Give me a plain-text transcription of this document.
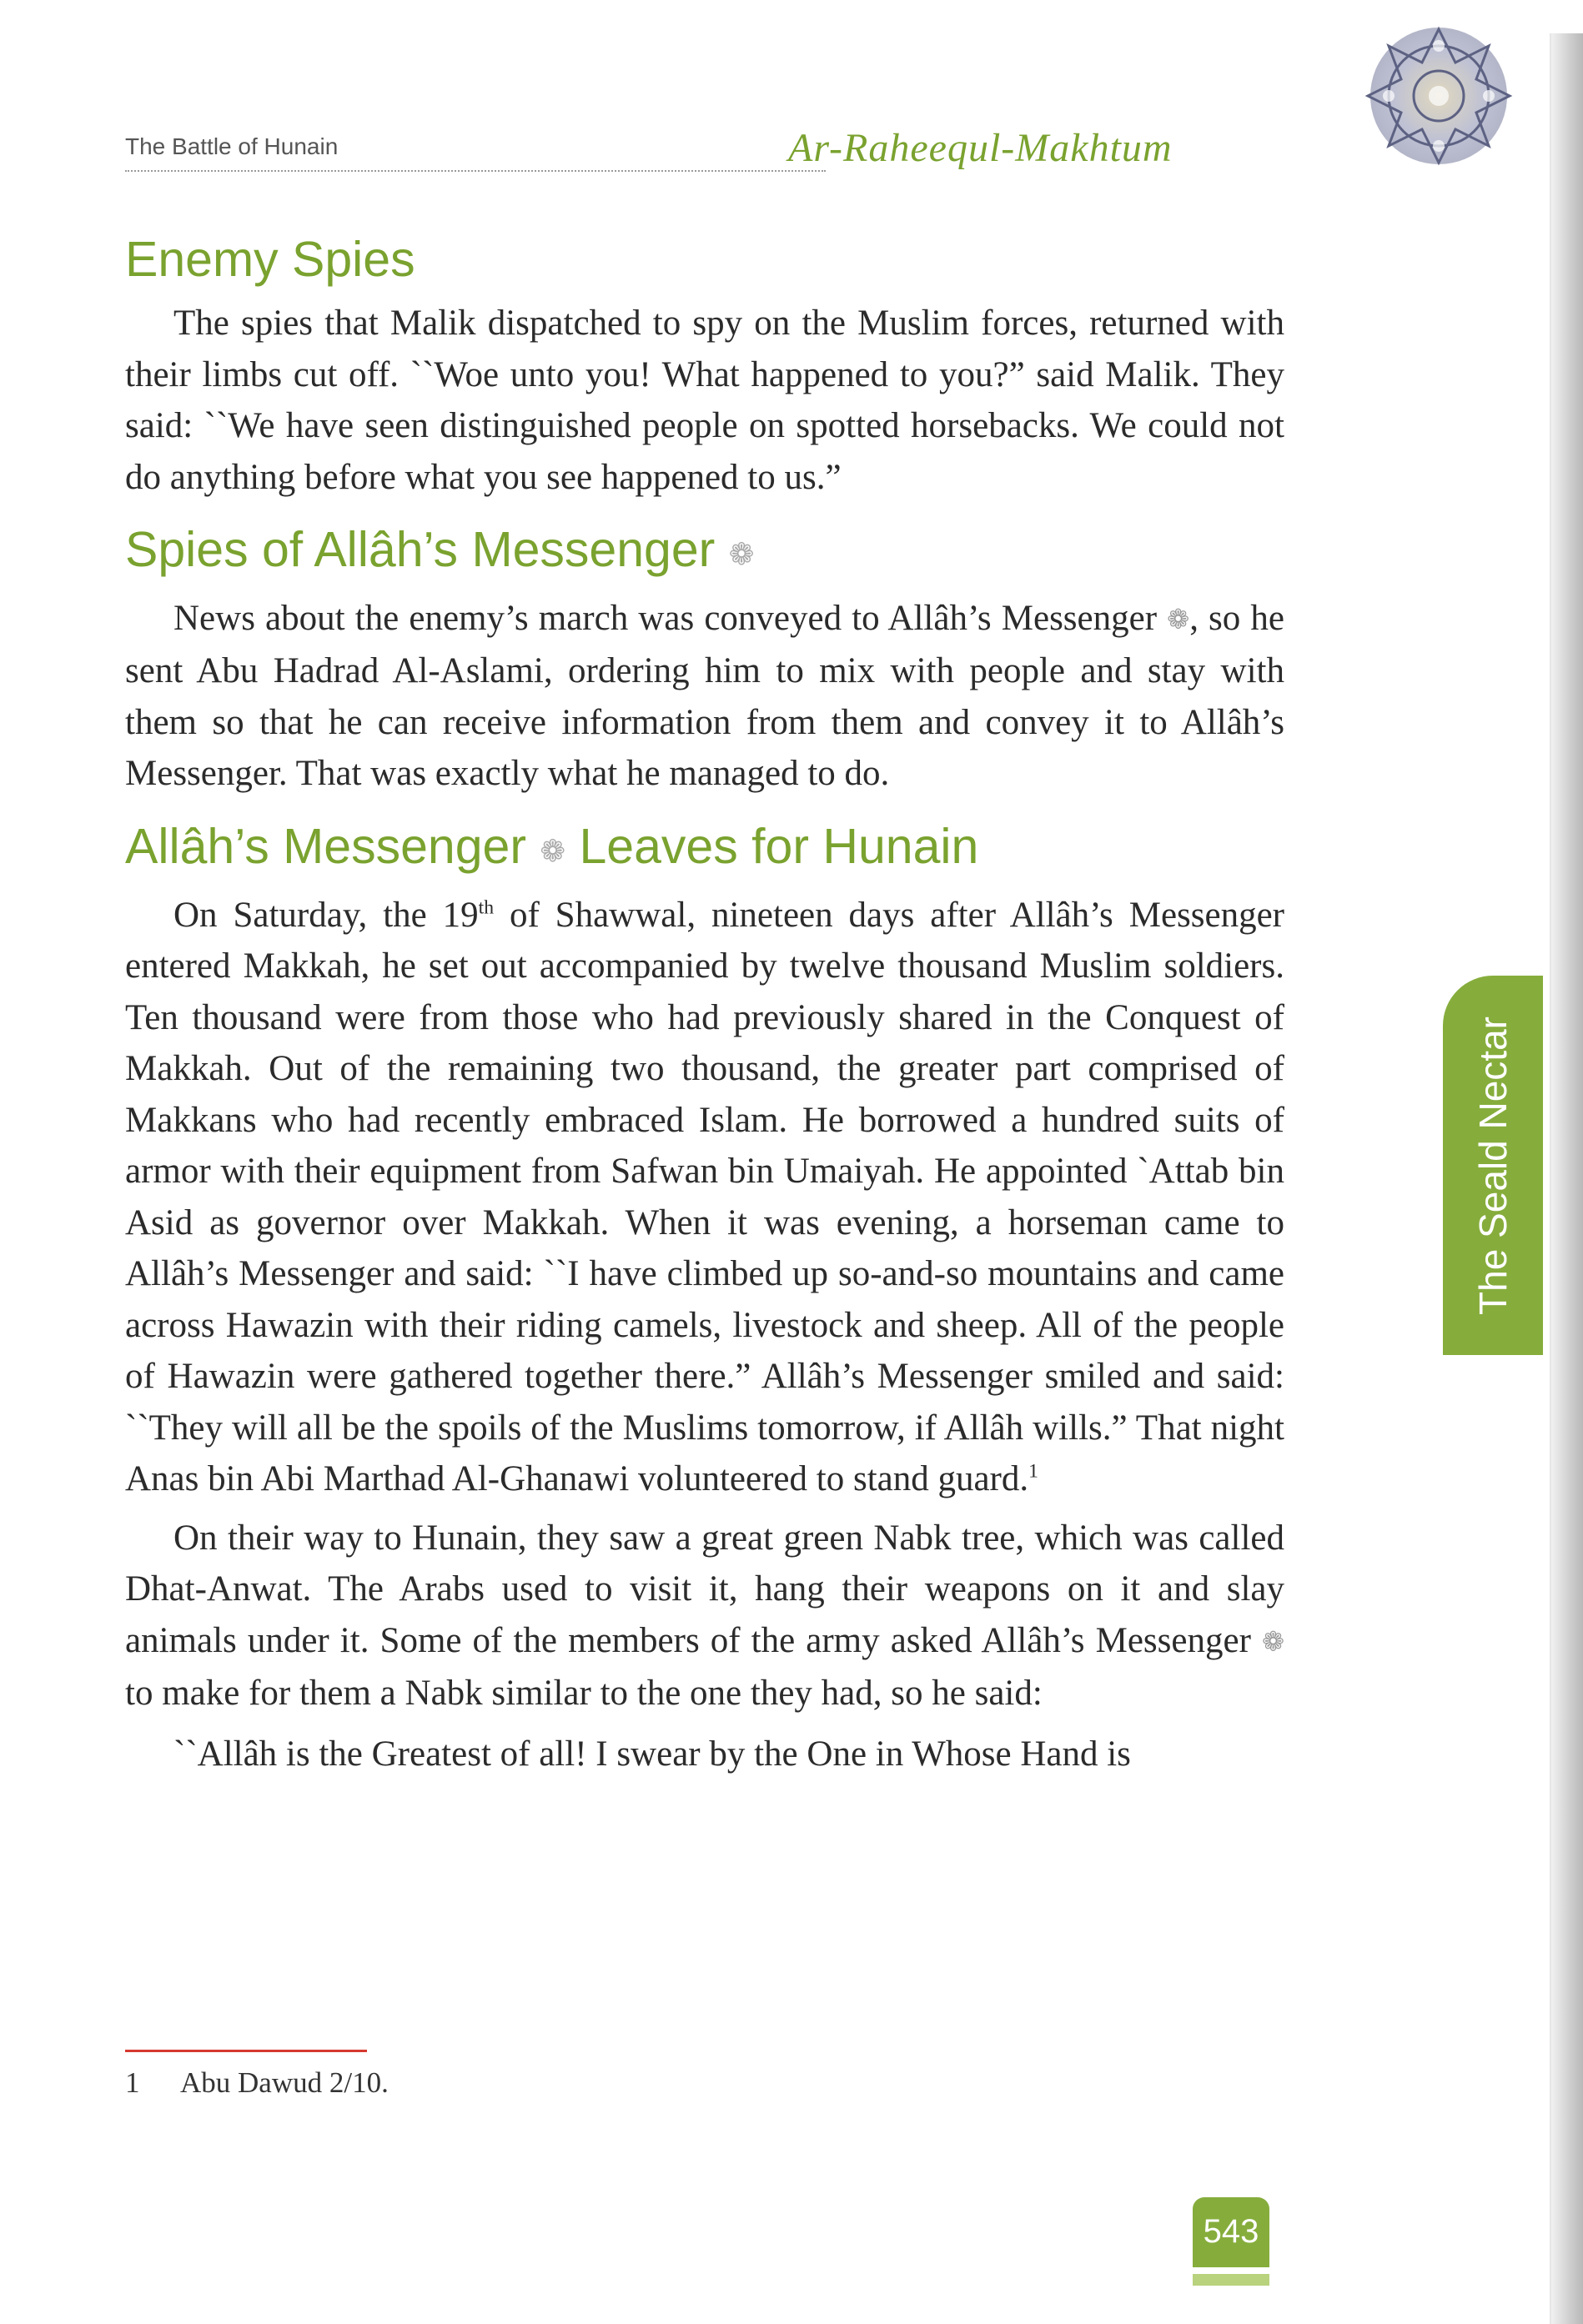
The Battle of Hunain	Ar-Raheequl-Makhtum
The Seald Nectar
Enemy Spies

The spies that Malik dispatched to spy on the Muslim forces, returned with their limbs cut off. ``Woe unto you! What happened to you?” said Malik. They said: ``We have seen distinguished people on spotted horsebacks. We could not do anything before what you see happened to us.”

Spies of Allâh’s Messenger ❁

News about the enemy’s march was conveyed to Allâh’s Messenger ❁, so he sent Abu Hadrad Al-Aslami, ordering him to mix with people and stay with them so that he can receive information from them and convey it to Allâh’s Messenger. That was exactly what he managed to do.

Allâh’s Messenger ❁ Leaves for Hunain

On Saturday, the 19th of Shawwal, nineteen days after Allâh’s Messenger entered Makkah, he set out accompanied by twelve thousand Muslim soldiers. Ten thousand were from those who had previously shared in the Conquest of Makkah. Out of the remaining two thousand, the greater part comprised of Makkans who had recently embraced Islam. He borrowed a hundred suits of armor with their equipment from Safwan bin Umaiyah. He appointed `Attab bin Asid as governor over Makkah. When it was evening, a horseman came to Allâh’s Messenger and said: ``I have climbed up so-and-so mountains and came across Hawazin with their riding camels, livestock and sheep. All of the people of Hawazin were gathered together there.” Allâh’s Messenger smiled and said: ``They will all be the spoils of the Muslims tomorrow, if Allâh wills.” That night Anas bin Abi Marthad Al-Ghanawi volunteered to stand guard.$^1$

On their way to Hunain, they saw a great green Nabk tree, which was called Dhat-Anwat. The Arabs used to visit it, hang their weapons on it and slay animals under it. Some of the members of the army asked Allâh’s Messenger ❁ to make for them a Nabk similar to the one they had, so he said:

``Allâh is the Greatest of all! I swear by the One in Whose Hand is

1 Abu Dawud 2/10.
543
